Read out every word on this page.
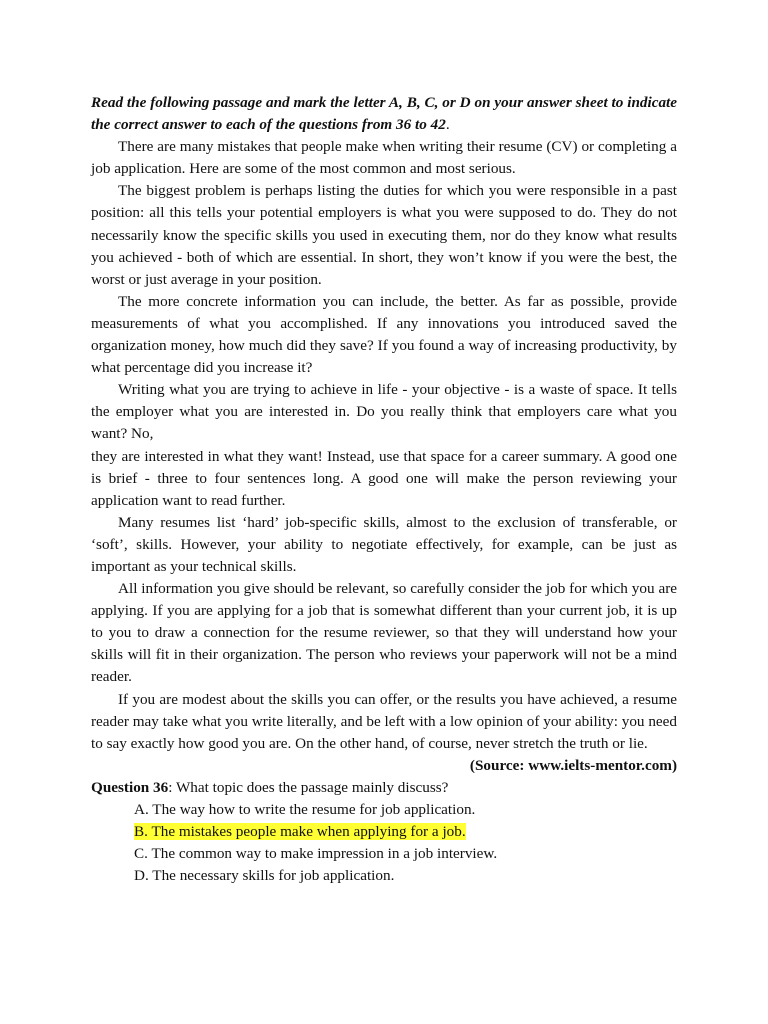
Read the following passage and mark the letter A, B, C, or D on your answer sheet to indicate the correct answer to each of the questions from 36 to 42.

There are many mistakes that people make when writing their resume (CV) or completing a job application. Here are some of the most common and most serious.

The biggest problem is perhaps listing the duties for which you were responsible in a past position: all this tells your potential employers is what you were supposed to do. They do not necessarily know the specific skills you used in executing them, nor do they know what results you achieved - both of which are essential. In short, they won’t know if you were the best, the worst or just average in your position.

The more concrete information you can include, the better. As far as possible, provide measurements of what you accomplished. If any innovations you introduced saved the organization money, how much did they save? If you found a way of increasing productivity, by what percentage did you increase it?

Writing what you are trying to achieve in life - your objective - is a waste of space. It tells the employer what you are interested in. Do you really think that employers care what you want? No,

they are interested in what they want! Instead, use that space for a career summary. A good one is brief - three to four sentences long. A good one will make the person reviewing your application want to read further.

Many resumes list ‘hard’ job-specific skills, almost to the exclusion of transferable, or ‘soft’, skills. However, your ability to negotiate effectively, for example, can be just as important as your technical skills.

All information you give should be relevant, so carefully consider the job for which you are applying. If you are applying for a job that is somewhat different than your current job, it is up to you to draw a connection for the resume reviewer, so that they will understand how your skills will fit in their organization. The person who reviews your paperwork will not be a mind reader.

If you are modest about the skills you can offer, or the results you have achieved, a resume reader may take what you write literally, and be left with a low opinion of your ability: you need to say exactly how good you are. On the other hand, of course, never stretch the truth or lie.

(Source: www.ielts-mentor.com)

Question 36: What topic does the passage mainly discuss?

A. The way how to write the resume for job application.

B. The mistakes people make when applying for a job.

C. The common way to make impression in a job interview.

D. The necessary skills for job application.
